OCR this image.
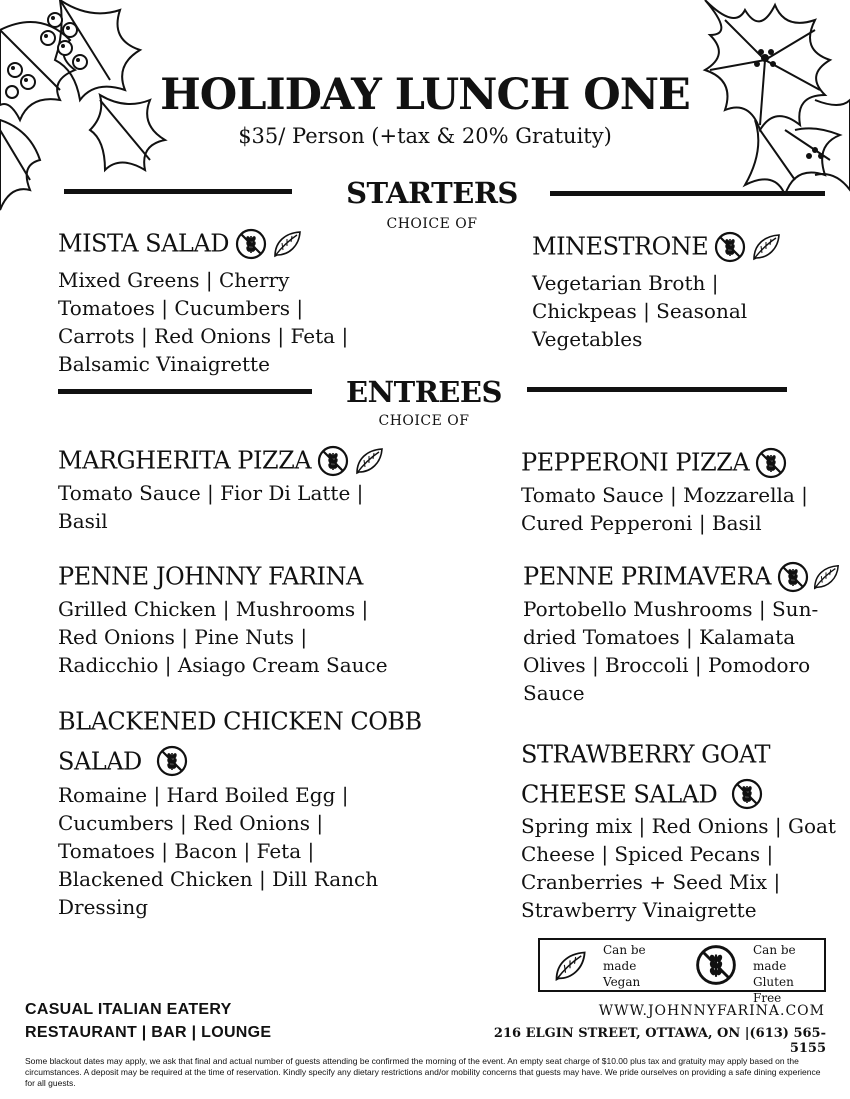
HOLIDAY LUNCH ONE
$35/ Person (+tax & 20% Gratuity)
STARTERS
CHOICE OF
MISTA SALAD
Mixed Greens | Cherry
Tomatoes | Cucumbers |
Carrots | Red Onions | Feta |
Balsamic Vinaigrette
MINESTRONE
Vegetarian Broth |
Chickpeas | Seasonal
Vegetables
ENTREES
CHOICE OF
MARGHERITA PIZZA
Tomato Sauce | Fior Di Latte |
Basil
PEPPERONI PIZZA
Tomato Sauce | Mozzarella |
Cured Pepperoni | Basil
PENNE JOHNNY FARINA
Grilled Chicken | Mushrooms |
Red Onions | Pine Nuts |
Radicchio | Asiago Cream Sauce
PENNE PRIMAVERA
Portobello Mushrooms | Sun-
dried Tomatoes | Kalamata
Olives | Broccoli | Pomodoro
Sauce
BLACKENED CHICKEN COBB
SALAD
Romaine | Hard Boiled Egg |
Cucumbers | Red Onions |
Tomatoes | Bacon | Feta |
Blackened Chicken | Dill Ranch
Dressing
STRAWBERRY GOAT
CHEESE SALAD
Spring mix | Red Onions | Goat
Cheese | Spiced Pecans |
Cranberries + Seed Mix |
Strawberry Vinaigrette
Can be
made
Vegan
Can be
made
Gluten Free
CASUAL ITALIAN EATERY
RESTAURANT | BAR | LOUNGE
WWW.JOHNNYFARINA.COM
216 ELGIN STREET, OTTAWA, ON |(613) 565-5155
Some blackout dates may apply, we ask that final and actual number of guests attending be confirmed the morning of the event. An empty seat charge of $10.00 plus tax and gratuity may apply based on the circumstances. A deposit may be required at the time of reservation. Kindly specify any dietary restrictions and/or mobility concerns that guests may have. We pride ourselves on providing a safe dining experience for all guests.
